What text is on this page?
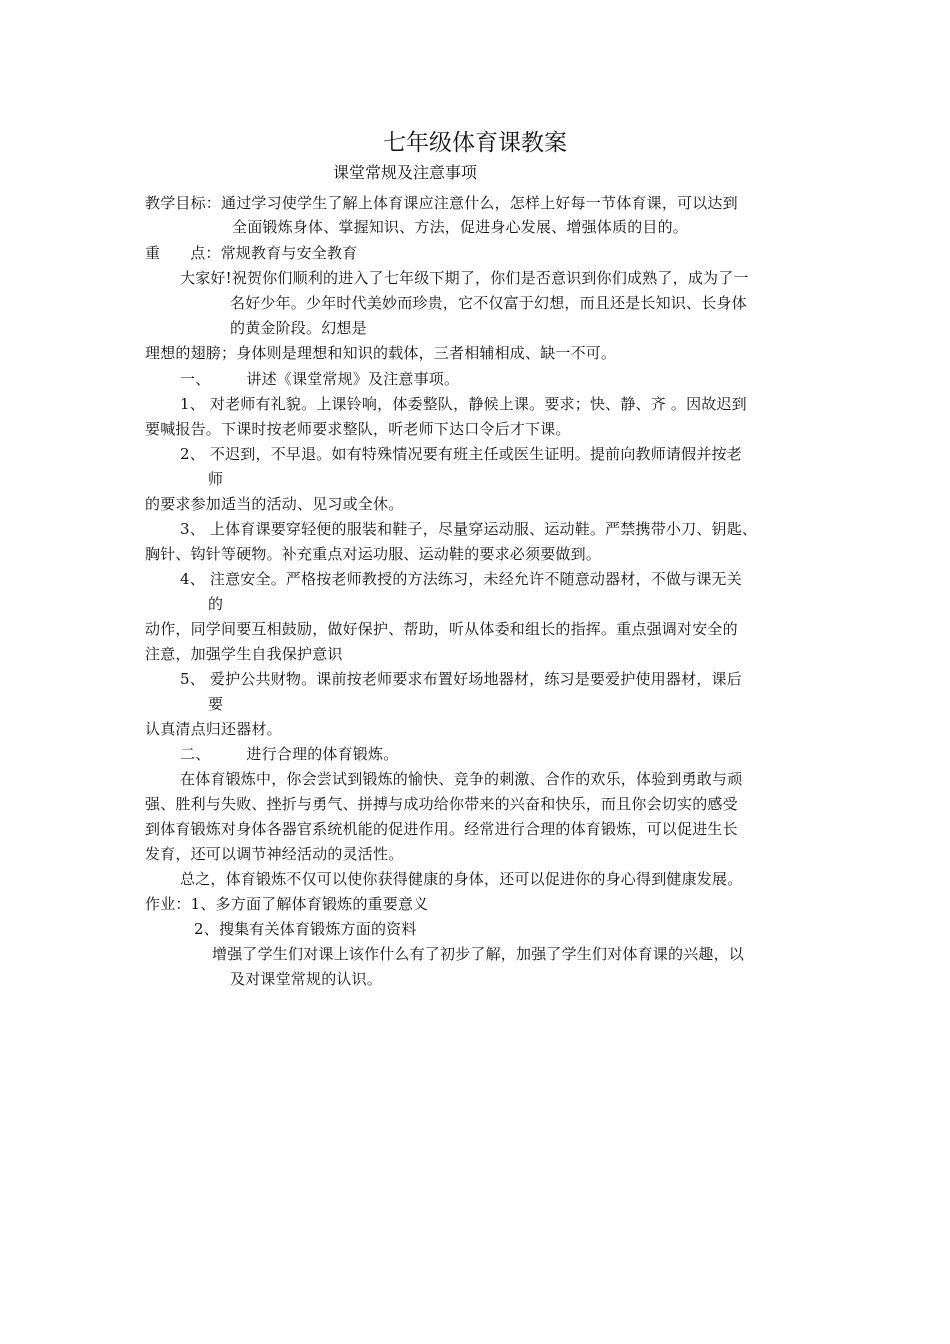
七年级体育课教案
课堂常规及注意事项
教学目标：通过学习使学生了解上体育课应注意什么，怎样上好每一节体育课，可以达到
全面锻炼身体、掌握知识、方法，促进身心发展、增强体质的目的。
重 点：常规教育与安全教育
大家好!祝贺你们顺利的进入了七年级下期了，你们是否意识到你们成熟了，成为了一
名好少年。少年时代美妙而珍贵，它不仅富于幻想，而且还是长知识、长身体
的黄金阶段。幻想是
理想的翅膀；身体则是理想和知识的载体，三者相辅相成、缺一不可。
一、 讲述《课堂常规》及注意事项。
1、 对老师有礼貌。上课铃响，体委整队，静候上课。要求；快、静、齐 。因故迟到
要喊报告。下课时按老师要求整队，听老师下达口令后才下课。
2、 不迟到，不早退。如有特殊情况要有班主任或医生证明。提前向教师请假并按老
师
的要求参加适当的活动、见习或全休。
3、 上体育课要穿轻便的服装和鞋子，尽量穿运动服、运动鞋。严禁携带小刀、钥匙、
胸针、钩针等硬物。补充重点对运功服、运动鞋的要求必须要做到。
4、 注意安全。严格按老师教授的方法练习，未经允许不随意动器材，不做与课无关
的
动作，同学间要互相鼓励，做好保护、帮助，听从体委和组长的指挥。重点强调对安全的
注意，加强学生自我保护意识
5、 爱护公共财物。课前按老师要求布置好场地器材，练习是要爱护使用器材，课后
要
认真清点归还器材。
二、 进行合理的体育锻炼。
在体育锻炼中，你会尝试到锻炼的愉快、竞争的刺激、合作的欢乐，体验到勇敢与顽
强、胜利与失败、挫折与勇气、拼搏与成功给你带来的兴奋和快乐，而且你会切实的感受
到体育锻炼对身体各器官系统机能的促进作用。经常进行合理的体育锻炼，可以促进生长
发育，还可以调节神经活动的灵活性。
总之，体育锻炼不仅可以使你获得健康的身体，还可以促进你的身心得到健康发展。
作业：1、多方面了解体育锻炼的重要意义
2、搜集有关体育锻炼方面的资料
增强了学生们对课上该作什么有了初步了解，加强了学生们对体育课的兴趣，以
及对课堂常规的认识。
